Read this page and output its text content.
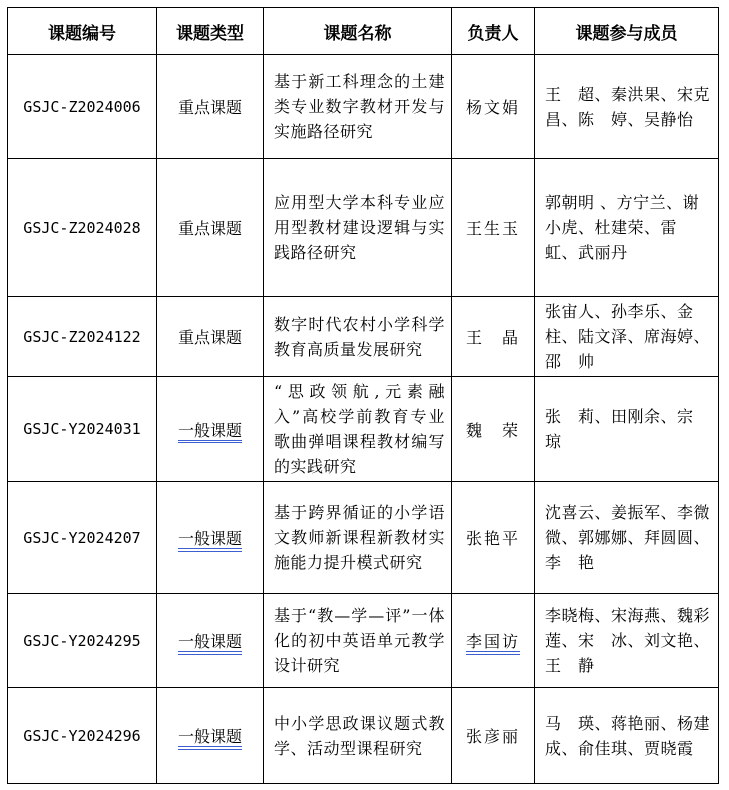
课题编号	课题类型	课题名称	负责人	课题参与成员
GSJC-Z2024006	重点课题	基于新工科理念的土建类专业数字教材开发与实施路径研究	杨文娟	王　超、秦洪果、宋克昌、陈　婷、吴静怡
GSJC-Z2024028	重点课题	应用型大学本科专业应用型教材建设逻辑与实践路径研究	王生玉	郭朝明 、方宁兰、谢小虎、杜建荣、雷　虹、武丽丹
GSJC-Z2024122	重点课题	数字时代农村小学科学教育高质量发展研究	王　晶	张宙人、孙李乐、金　柱、陆文泽、席海婷、邵　帅
GSJC-Y2024031	一般课题	“思政领航,元素融入”高校学前教育专业歌曲弹唱课程教材编写的实践研究	魏　荣	张　莉、田刚余、宗　琼
GSJC-Y2024207	一般课题	基于跨界循证的小学语文教师新课程新教材实施能力提升模式研究	张艳平	沈喜云、姜振军、李微微、郭娜娜、拜圆圆、李　艳
GSJC-Y2024295	一般课题	基于“教—学—评”一体化的初中英语单元教学设计研究	李国访	李晓梅、宋海燕、魏彩莲、宋　冰、刘文艳、王　静
GSJC-Y2024296	一般课题	中小学思政课议题式教学、活动型课程研究	张彦丽	马　瑛、蒋艳丽、杨建成、俞佳琪、贾晓霞
